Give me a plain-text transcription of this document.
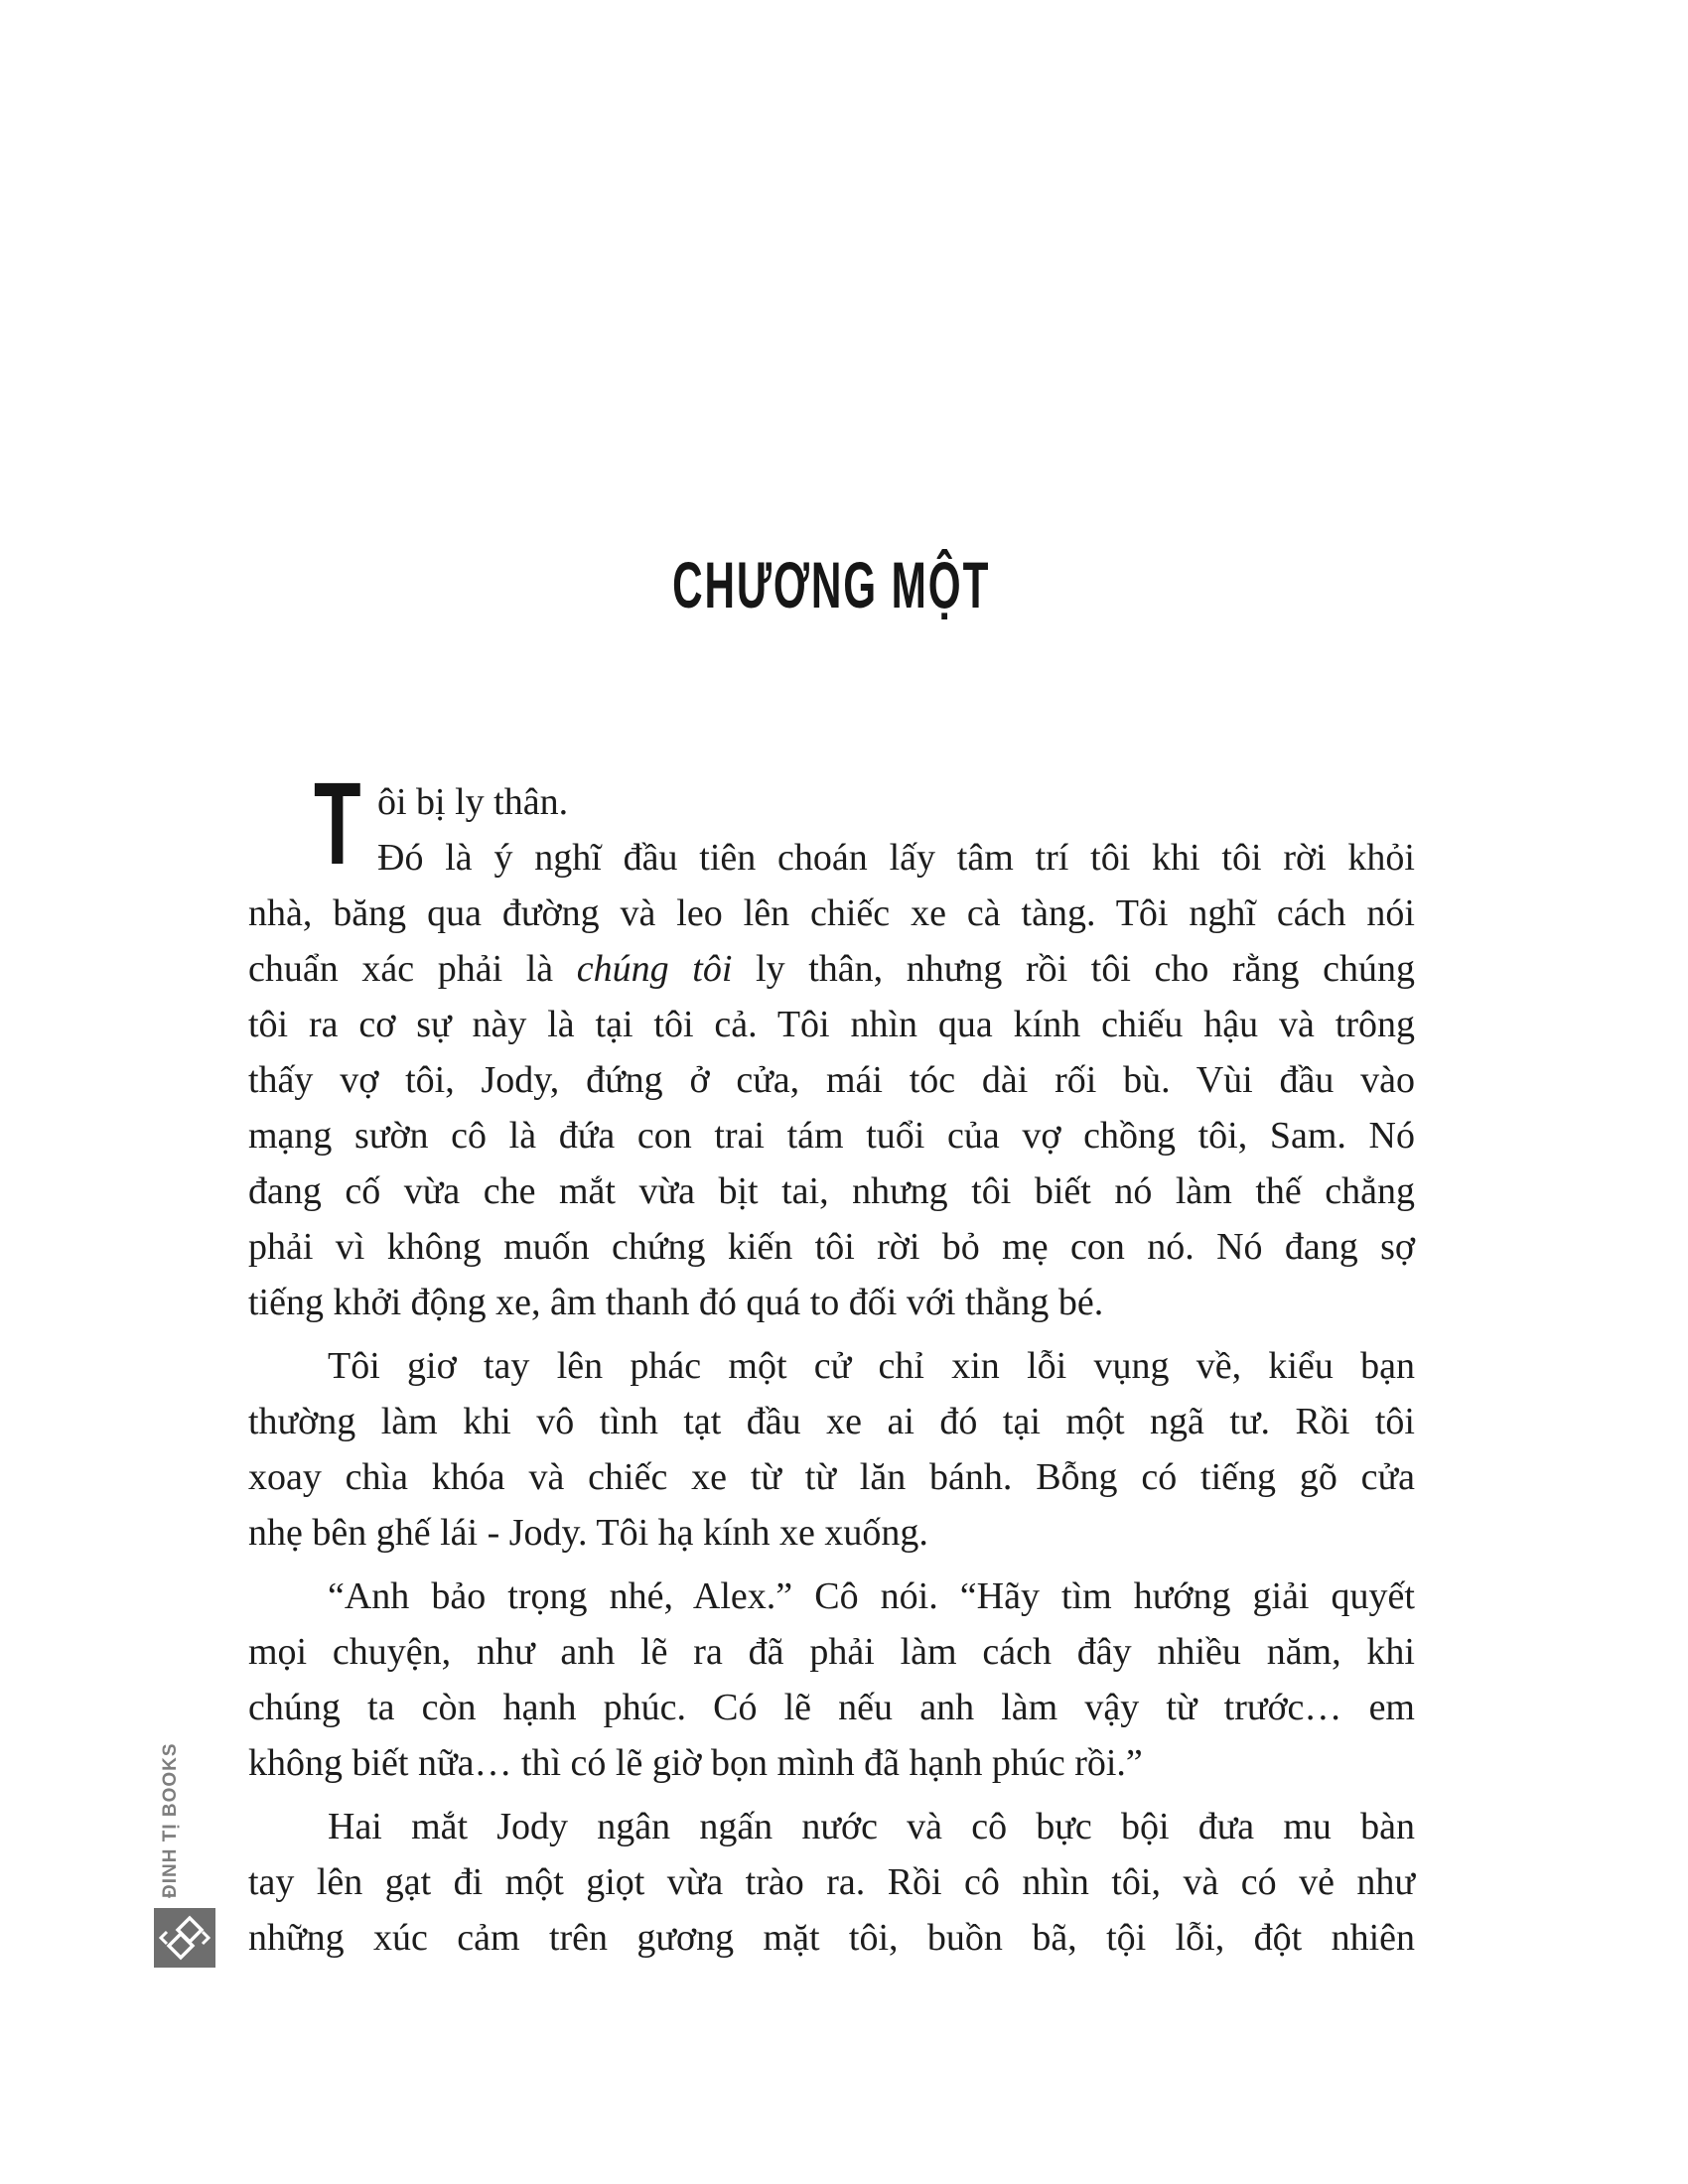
CHƯƠNG MỘT
T ôi bị ly thân.
Đó là ý nghĩ đầu tiên choán lấy tâm trí tôi khi tôi rời khỏi
nhà, băng qua đường và leo lên chiếc xe cà tàng. Tôi nghĩ cách nói
chuẩn xác phải là chúng tôi ly thân, nhưng rồi tôi cho rằng chúng
tôi ra cơ sự này là tại tôi cả. Tôi nhìn qua kính chiếu hậu và trông
thấy vợ tôi, Jody, đứng ở cửa, mái tóc dài rối bù. Vùi đầu vào
mạng sườn cô là đứa con trai tám tuổi của vợ chồng tôi, Sam. Nó
đang cố vừa che mắt vừa bịt tai, nhưng tôi biết nó làm thế chẳng
phải vì không muốn chứng kiến tôi rời bỏ mẹ con nó. Nó đang sợ
tiếng khởi động xe, âm thanh đó quá to đối với thằng bé.
Tôi giơ tay lên phác một cử chỉ xin lỗi vụng về, kiểu bạn
thường làm khi vô tình tạt đầu xe ai đó tại một ngã tư. Rồi tôi
xoay chìa khóa và chiếc xe từ từ lăn bánh. Bỗng có tiếng gõ cửa
nhẹ bên ghế lái - Jody. Tôi hạ kính xe xuống.
“Anh bảo trọng nhé, Alex.” Cô nói. “Hãy tìm hướng giải quyết
mọi chuyện, như anh lẽ ra đã phải làm cách đây nhiều năm, khi
chúng ta còn hạnh phúc. Có lẽ nếu anh làm vậy từ trước… em
không biết nữa… thì có lẽ giờ bọn mình đã hạnh phúc rồi.”
Hai mắt Jody ngân ngấn nước và cô bực bội đưa mu bàn
tay lên gạt đi một giọt vừa trào ra. Rồi cô nhìn tôi, và có vẻ như
những xúc cảm trên gương mặt tôi, buồn bã, tội lỗi, đột nhiên
ĐINH TỊ BOOKS
